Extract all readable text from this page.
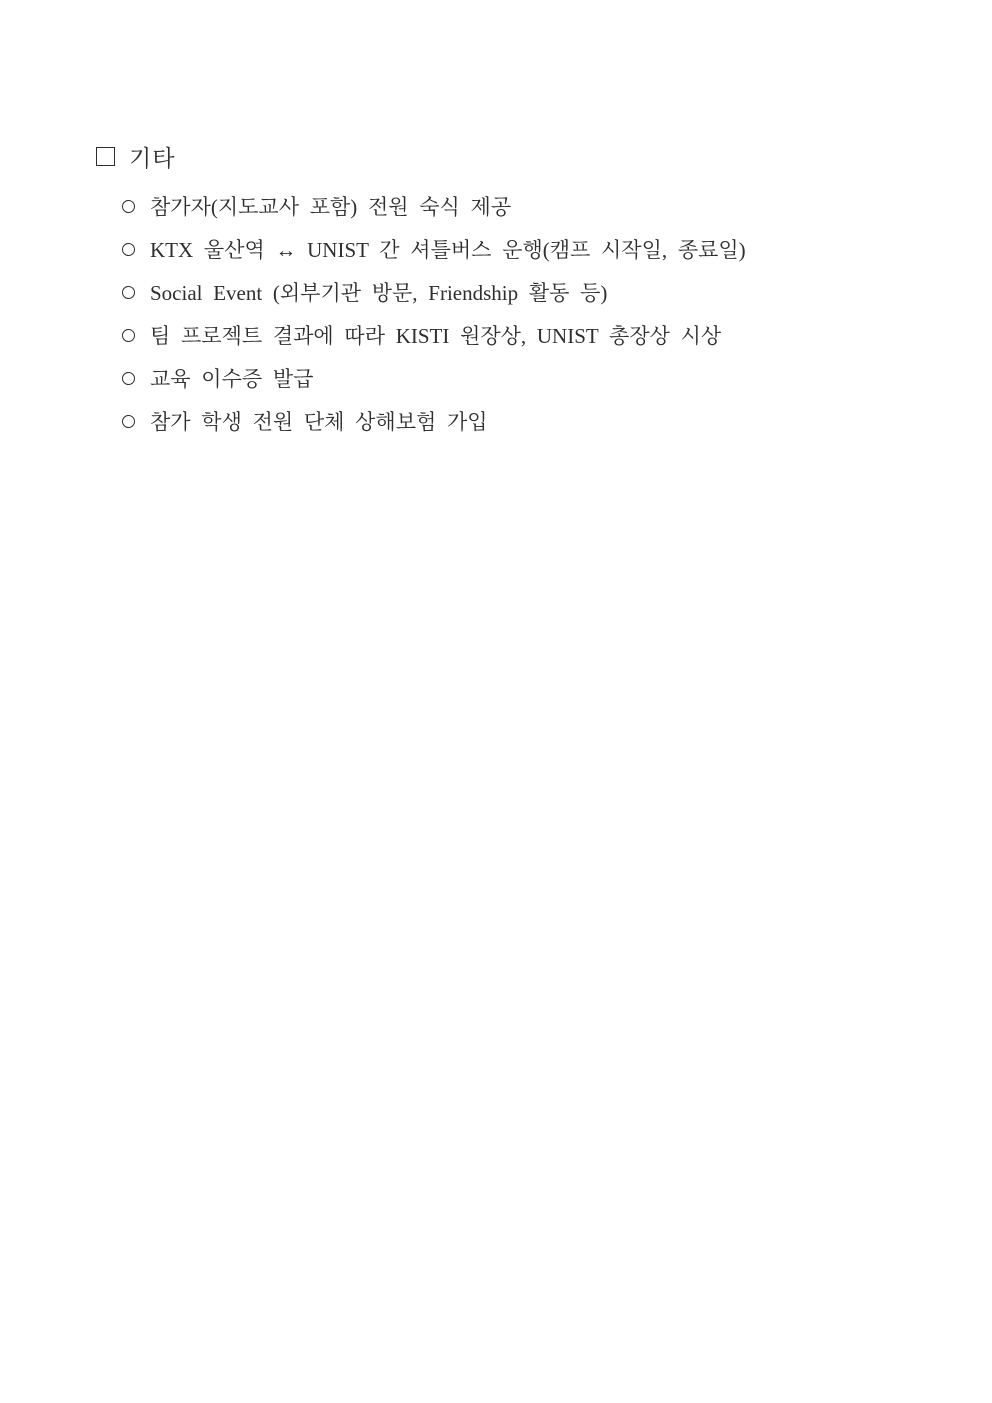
기타
참가자(지도교사 포함) 전원 숙식 제공
KTX 울산역 ↔ UNIST 간 셔틀버스 운행(캠프 시작일, 종료일)
Social Event (외부기관 방문, Friendship 활동 등)
팀 프로젝트 결과에 따라 KISTI 원장상, UNIST 총장상 시상
교육 이수증 발급
참가 학생 전원 단체 상해보험 가입
